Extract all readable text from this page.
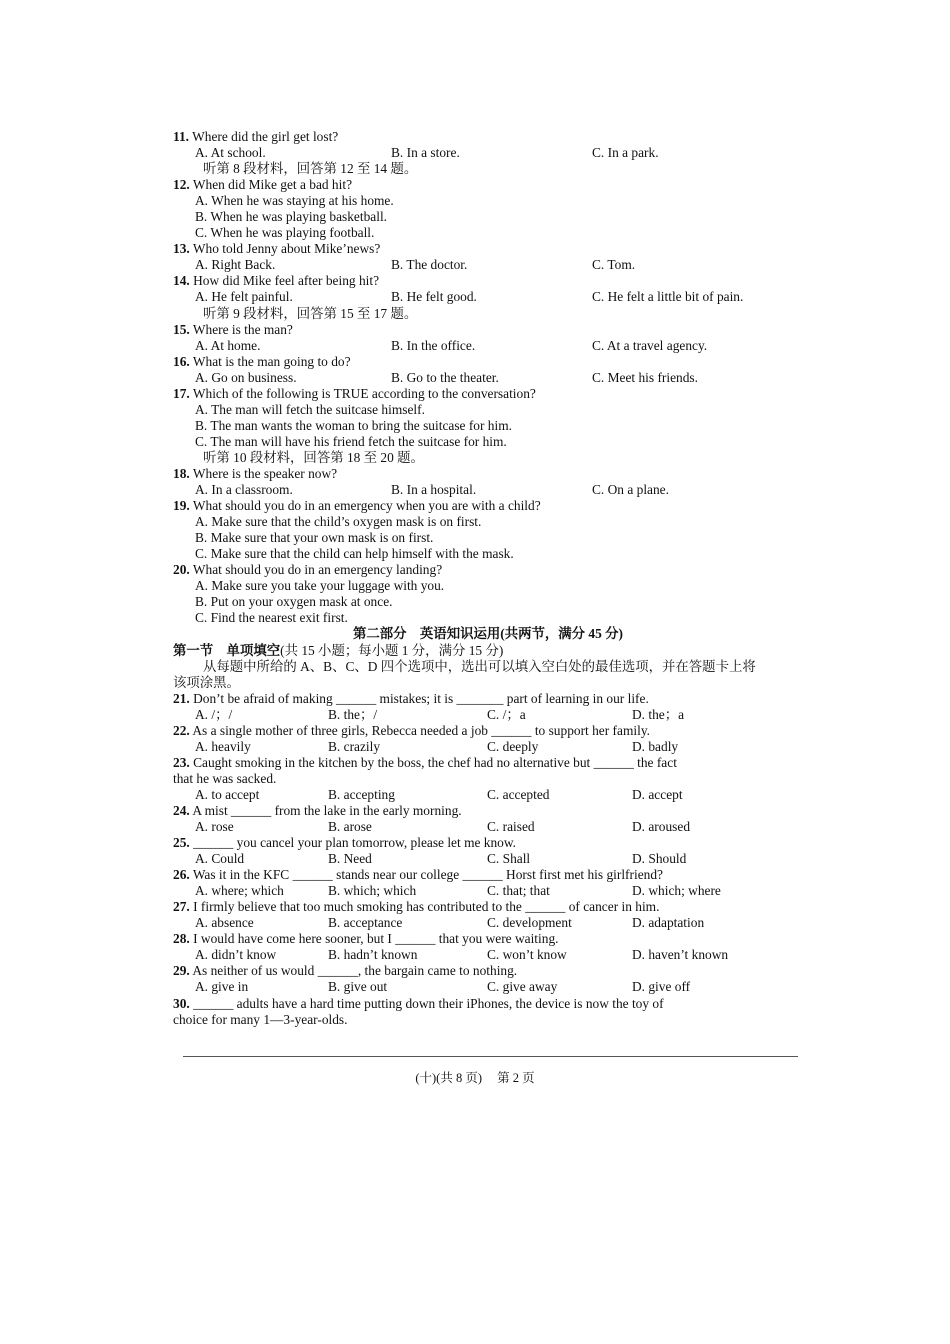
11. Where did the girl get lost?
A. At school.	B. In a store.	C. In a park.
听第 8 段材料，回答第 12 至 14 题。
12. When did Mike get a bad hit?
A. When he was staying at his home.
B. When he was playing basketball.
C. When he was playing football.
13. Who told Jenny about Mike’news?
A. Right Back.	B. The doctor.	C. Tom.
14. How did Mike feel after being hit?
A. He felt painful.	B. He felt good.	C. He felt a little bit of pain.
听第 9 段材料，回答第 15 至 17 题。
15. Where is the man?
A. At home.	B. In the office.	C. At a travel agency.
16. What is the man going to do?
A. Go on business.	B. Go to the theater.	C. Meet his friends.
17. Which of the following is TRUE according to the conversation?
A. The man will fetch the suitcase himself.
B. The man wants the woman to bring the suitcase for him.
C. The man will have his friend fetch the suitcase for him.
听第 10 段材料，回答第 18 至 20 题。
18. Where is the speaker now?
A. In a classroom.	B. In a hospital.	C. On a plane.
19. What should you do in an emergency when you are with a child?
A. Make sure that the child’s oxygen mask is on first.
B. Make sure that your own mask is on first.
C. Make sure that the child can help himself with the mask.
20. What should you do in an emergency landing?
A. Make sure you take your luggage with you.
B. Put on your oxygen mask at once.
C. Find the nearest exit first.
第二部分　英语知识运用(共两节，满分 45 分)
第一节　单项填空(共 15 小题；每小题 1 分，满分 15 分)
从每题中所给的 A、B、C、D 四个选项中，选出可以填入空白处的最佳选项，并在答题卡上将
该项涂黑。
21. Don’t be afraid of making ______ mistakes; it is _______ part of learning in our life.
A. /；/	B. the；/	C. /；a	D. the；a
22. As a single mother of three girls, Rebecca needed a job ______ to support her family.
A. heavily	B. crazily	C. deeply	D. badly
23. Caught smoking in the kitchen by the boss, the chef had no alternative but ______ the fact
that he was sacked.
A. to accept	B. accepting	C. accepted	D. accept
24. A mist ______ from the lake in the early morning.
A. rose	B. arose	C. raised	D. aroused
25. ______ you cancel your plan tomorrow, please let me know.
A. Could	B. Need	C. Shall	D. Should
26. Was it in the KFC ______ stands near our college ______ Horst first met his girlfriend?
A. where; which	B. which; which	C. that; that	D. which; where
27. I firmly believe that too much smoking has contributed to the ______ of cancer in him.
A. absence	B. acceptance	C. development	D. adaptation
28. I would have come here sooner, but I ______ that you were waiting.
A. didn’t know	B. hadn’t known	C. won’t know	D. haven’t known
29. As neither of us would ______, the bargain came to nothing.
A. give in	B. give out	C. give away	D. give off
30. ______ adults have a hard time putting down their iPhones, the device is now the toy of
choice for many 1—3-year-olds.
(十)(共 8 页) 第 2 页
